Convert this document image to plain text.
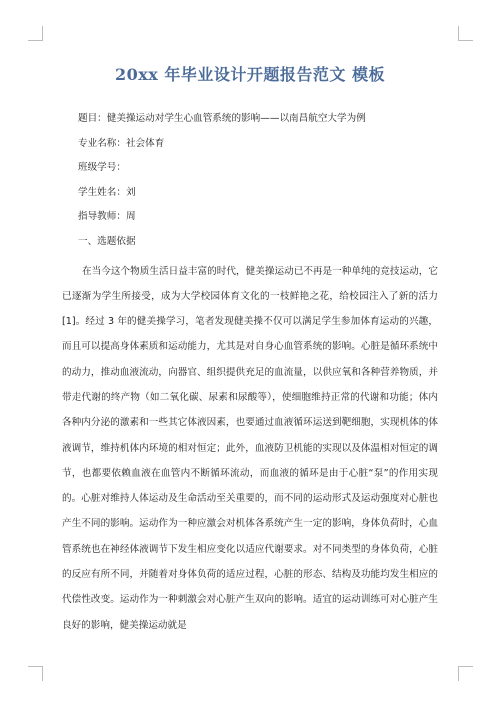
20xx 年毕业设计开题报告范文 模板
题目：健美操运动对学生心血管系统的影响——以南昌航空大学为例
专业名称：社会体育
班级学号：
学生姓名：刘
指导教师：周
一、选题依据

在当今这个物质生活日益丰富的时代，健美操运动已不再是一种单纯的竞技运动，它已逐渐为学生所接受，成为大学校园体育文化的一枝鲜艳之花，给校园注入了新的活力[1]。经过 3 年的健美操学习，笔者发现健美操不仅可以满足学生参加体育运动的兴趣，而且可以提高身体素质和运动能力，尤其是对自身心血管系统的影响。心脏是循环系统中的动力，推动血液流动，向器官、组织提供充足的血流量，以供应氧和各种营养物质，并带走代谢的终产物（如二氧化碳、尿素和尿酸等），使细胞维持正常的代谢和功能；体内各种内分泌的激素和一些其它体液因素，也要通过血液循环运送到靶细胞，实现机体的体液调节，维持机体内环境的相对恒定；此外，血液防卫机能的实现以及体温相对恒定的调节，也都要依赖血液在血管内不断循环流动，而血液的循环是由于心脏“泵”的作用实现的。心脏对维持人体运动及生命活动至关重要的，而不同的运动形式及运动强度对心脏也产生不同的影响。运动作为一种应激会对机体各系统产生一定的影响，身体负荷时，心血管系统也在神经体液调节下发生相应变化以适应代谢要求。对不同类型的身体负荷，心脏的反应有所不同，并随着对身体负荷的适应过程，心脏的形态、结构及功能均发生相应的代偿性改变。运动作为一种刺激会对心脏产生双向的影响。适宜的运动训练可对心脏产生良好的影响，健美操运动就是
